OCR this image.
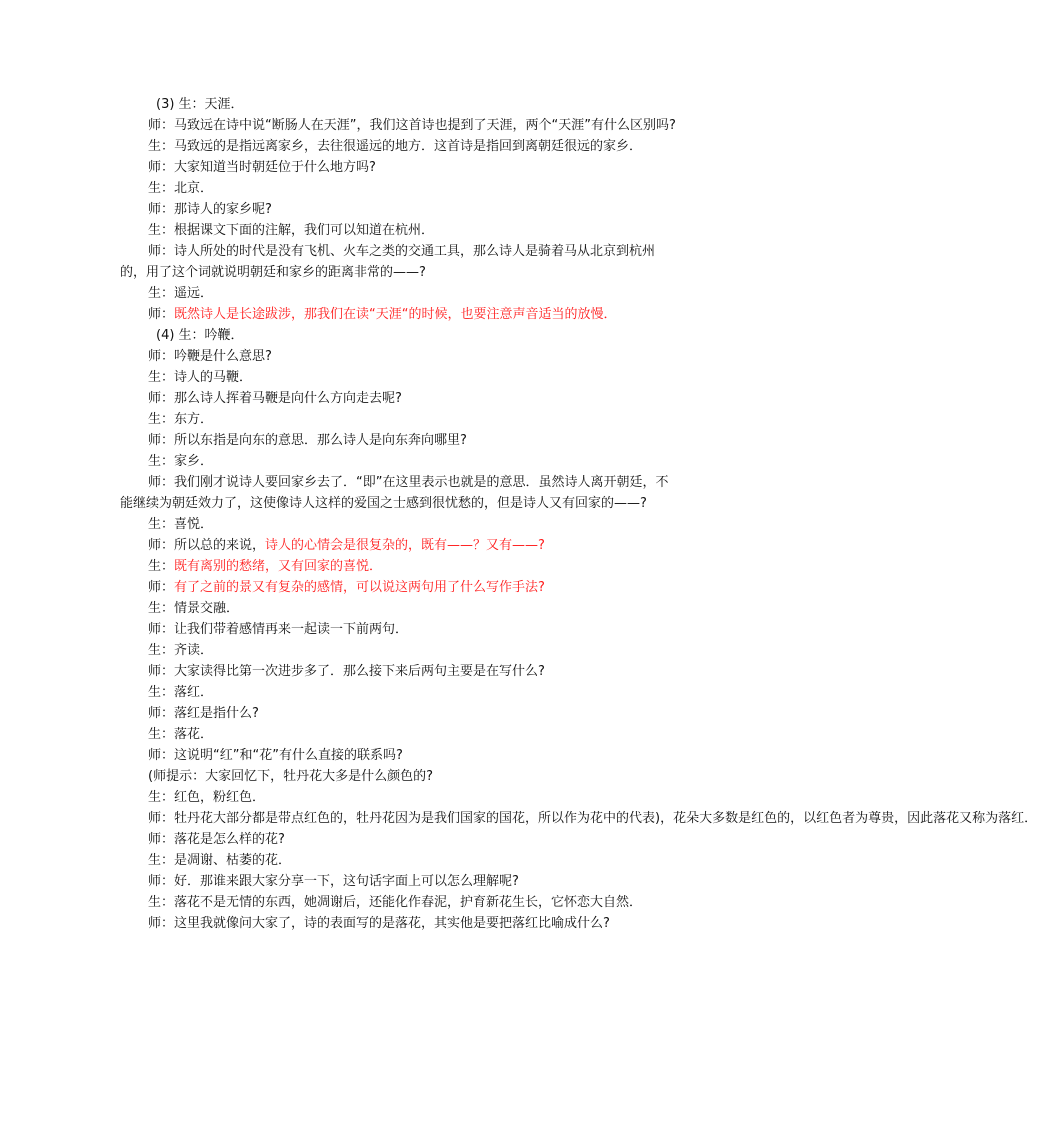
(3) 生：天涯．

师：马致远在诗中说“断肠人在天涯”，我们这首诗也提到了天涯，两个“天涯”有什么区别吗?

生：马致远的是指远离家乡，去往很遥远的地方．这首诗是指回到离朝廷很远的家乡．

师：大家知道当时朝廷位于什么地方吗?

生：北京．

师：那诗人的家乡呢?

生：根据课文下面的注解，我们可以知道在杭州．

师：诗人所处的时代是没有飞机、火车之类的交通工具，那么诗人是骑着马从北京到杭州的，用了这个词就说明朝廷和家乡的距离非常的——?

生：遥远．

师：既然诗人是长途跋涉，那我们在读“天涯“的时候，也要注意声音适当的放慢．

(4) 生：吟鞭．

师：吟鞭是什么意思?

生：诗人的马鞭．

师：那么诗人挥着马鞭是向什么方向走去呢?

生：东方．

师：所以东指是向东的意思．那么诗人是向东奔向哪里?

生：家乡．

师：我们刚才说诗人要回家乡去了．“即”在这里表示也就是的意思．虽然诗人离开朝廷，不能继续为朝廷效力了，这使像诗人这样的爱国之士感到很忧愁的，但是诗人又有回家的——?

生：喜悦．

师：所以总的来说，诗人的心情会是很复杂的，既有——？又有——?

生：既有离别的愁绪，又有回家的喜悦．

师：有了之前的景又有复杂的感情，可以说这两句用了什么写作手法?

生：情景交融．

师：让我们带着感情再来一起读一下前两句．

生：齐读．

师：大家读得比第一次进步多了．那么接下来后两句主要是在写什么?

生：落红．

师：落红是指什么?

生：落花．

师：这说明“红”和“花”有什么直接的联系吗?

(师提示：大家回忆下，牡丹花大多是什么颜色的?

生：红色，粉红色．

师：牡丹花大部分都是带点红色的，牡丹花因为是我们国家的国花，所以作为花中的代表)，花朵大多数是红色的，以红色者为尊贵，因此落花又称为落红．

师：落花是怎么样的花?

生：是凋谢、枯萎的花．

师：好．那谁来跟大家分享一下，这句话字面上可以怎么理解呢?

生：落花不是无情的东西，她凋谢后，还能化作春泥，护育新花生长，它怀恋大自然．

师：这里我就像问大家了，诗的表面写的是落花，其实他是要把落红比喻成什么?
